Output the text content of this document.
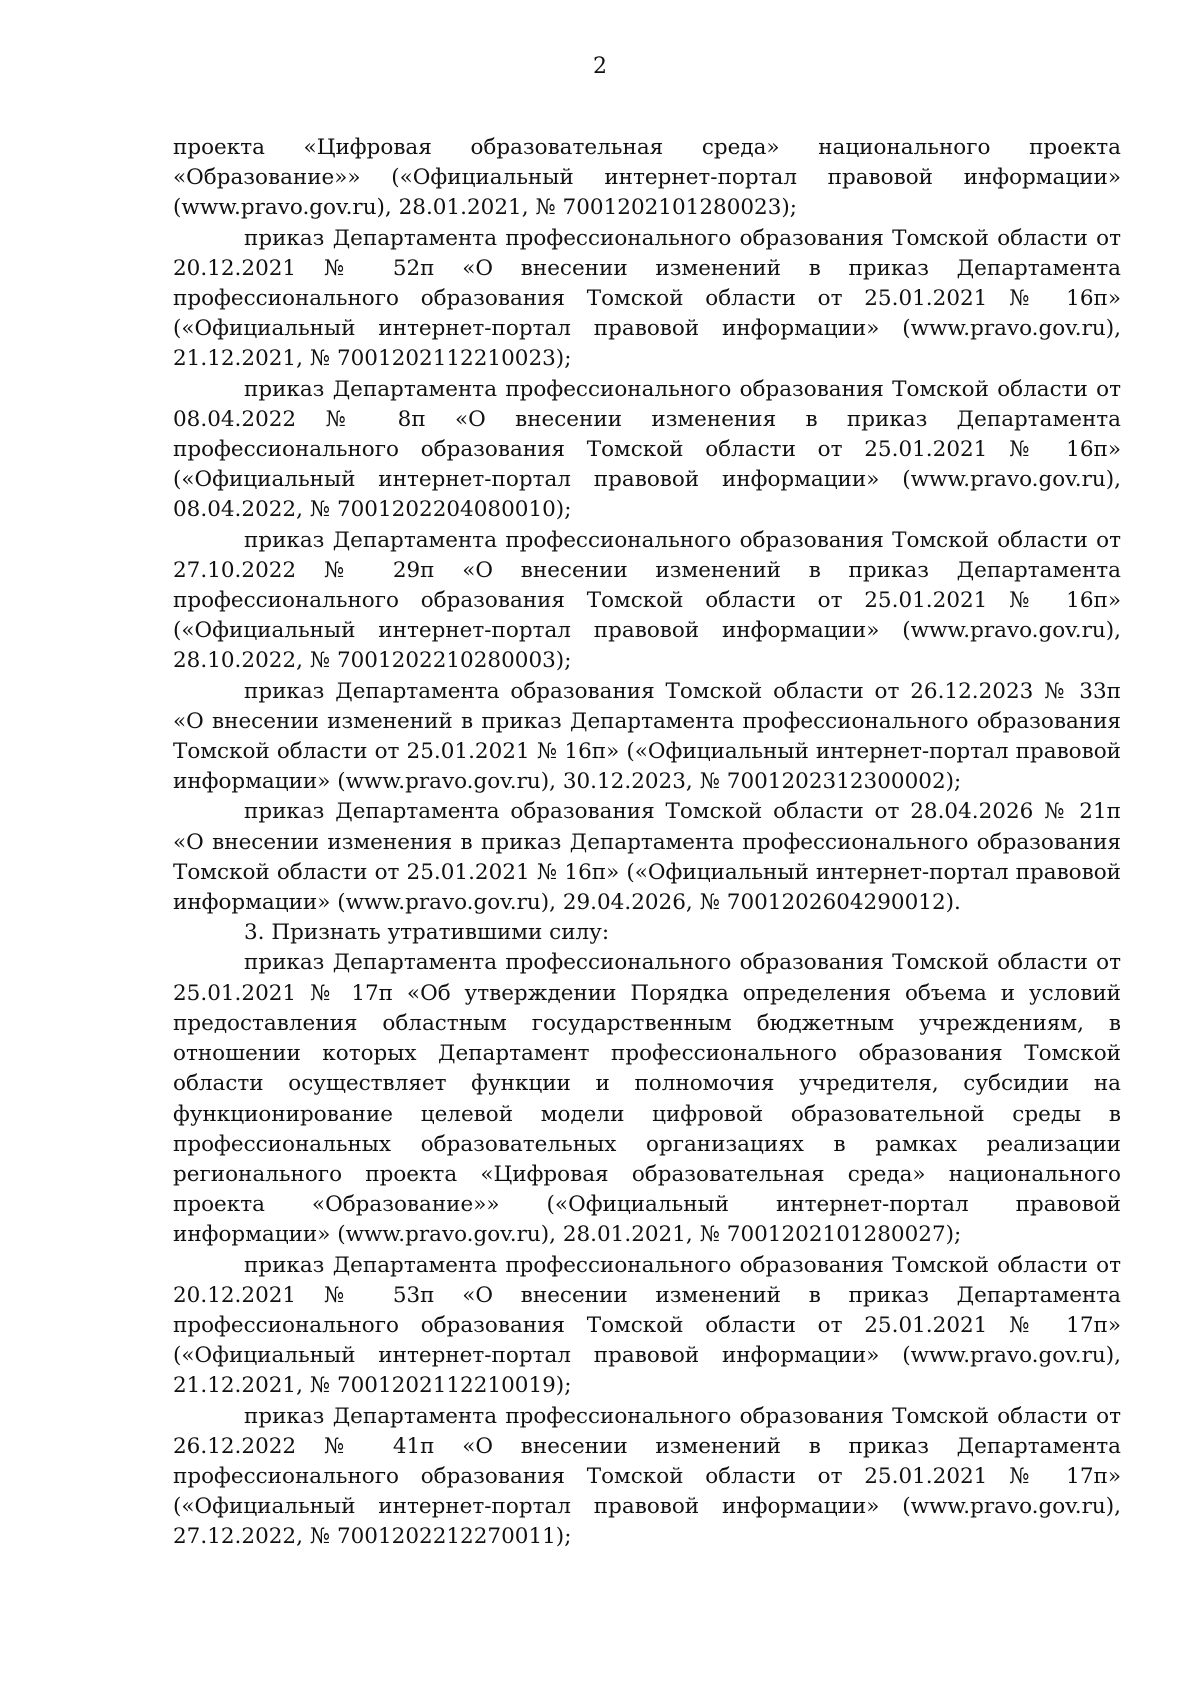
2

проекта «Цифровая образовательная среда» национального проекта «Образование»» («Официальный интернет-портал правовой информации» (www.pravo.gov.ru), 28.01.2021, № 7001202101280023);

приказ Департамента профессионального образования Томской области от 20.12.2021 № 52п «О внесении изменений в приказ Департамента профессионального образования Томской области от 25.01.2021 № 16п» («Официальный интернет-портал правовой информации» (www.pravo.gov.ru), 21.12.2021, № 7001202112210023);

приказ Департамента профессионального образования Томской области от 08.04.2022 № 8п «О внесении изменения в приказ Департамента профессионального образования Томской области от 25.01.2021 № 16п» («Официальный интернет-портал правовой информации» (www.pravo.gov.ru), 08.04.2022, № 7001202204080010);

приказ Департамента профессионального образования Томской области от 27.10.2022 № 29п «О внесении изменений в приказ Департамента профессионального образования Томской области от 25.01.2021 № 16п» («Официальный интернет-портал правовой информации» (www.pravo.gov.ru), 28.10.2022, № 7001202210280003);

приказ Департамента образования Томской области от 26.12.2023 № 33п «О внесении изменений в приказ Департамента профессионального образования Томской области от 25.01.2021 № 16п» («Официальный интернет-портал правовой информации» (www.pravo.gov.ru), 30.12.2023, № 7001202312300002);

приказ Департамента образования Томской области от 28.04.2026 № 21п «О внесении изменения в приказ Департамента профессионального образования Томской области от 25.01.2021 № 16п» («Официальный интернет-портал правовой информации» (www.pravo.gov.ru), 29.04.2026, № 7001202604290012).

3. Признать утратившими силу:

приказ Департамента профессионального образования Томской области от 25.01.2021 № 17п «Об утверждении Порядка определения объема и условий предоставления областным государственным бюджетным учреждениям, в отношении которых Департамент профессионального образования Томской области осуществляет функции и полномочия учредителя, субсидии на функционирование целевой модели цифровой образовательной среды в профессиональных образовательных организациях в рамках реализации регионального проекта «Цифровая образовательная среда» национального проекта «Образование»» («Официальный интернет-портал правовой информации» (www.pravo.gov.ru), 28.01.2021, № 7001202101280027);

приказ Департамента профессионального образования Томской области от 20.12.2021 № 53п «О внесении изменений в приказ Департамента профессионального образования Томской области от 25.01.2021 № 17п» («Официальный интернет-портал правовой информации» (www.pravo.gov.ru), 21.12.2021, № 7001202112210019);

приказ Департамента профессионального образования Томской области от 26.12.2022 № 41п «О внесении изменений в приказ Департамента профессионального образования Томской области от 25.01.2021 № 17п» («Официальный интернет-портал правовой информации» (www.pravo.gov.ru), 27.12.2022, № 7001202212270011);
